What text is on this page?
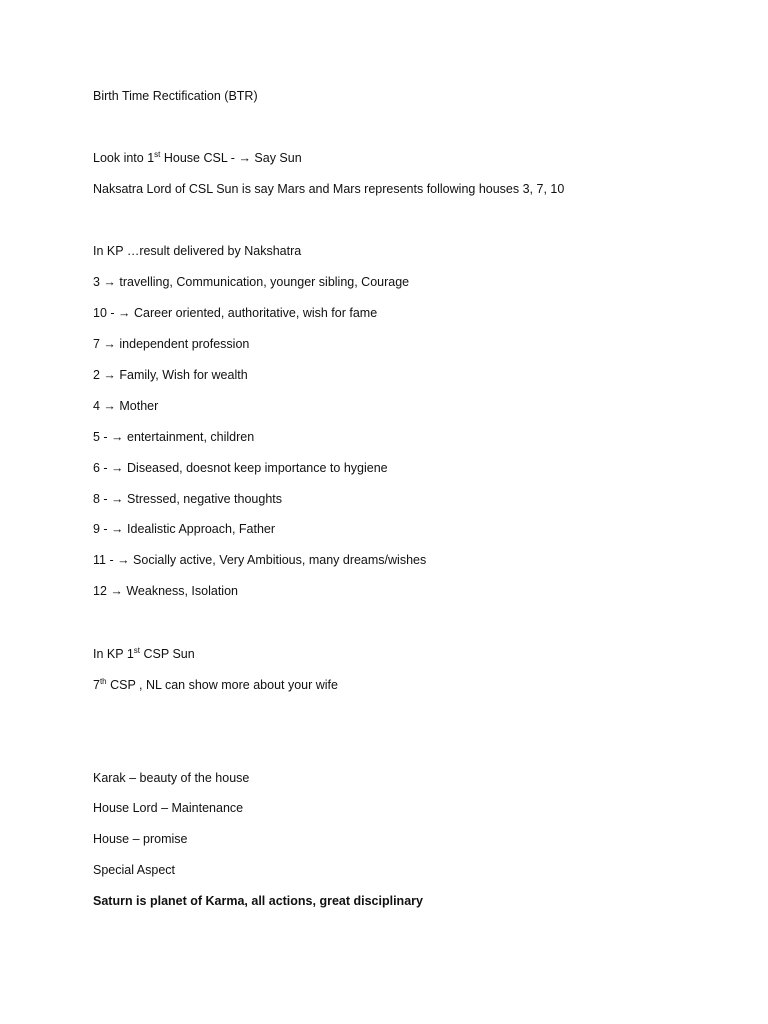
Birth Time Rectification (BTR)
Look into 1st House CSL - → Say Sun
Naksatra Lord of CSL Sun is say Mars and Mars represents following houses 3, 7, 10
In KP …result delivered by Nakshatra
3 → travelling, Communication, younger sibling, Courage
10 - → Career oriented, authoritative, wish for fame
7 → independent profession
2 → Family, Wish for wealth
4 → Mother
5 - → entertainment, children
6 - → Diseased, doesnot keep importance to hygiene
8 - → Stressed, negative thoughts
9 - → Idealistic Approach, Father
11 - → Socially active, Very Ambitious, many dreams/wishes
12 → Weakness, Isolation
In KP 1st CSP Sun
7th CSP , NL can show more about your wife
Karak – beauty of the house
House Lord – Maintenance
House – promise
Special Aspect
Saturn is planet of Karma, all actions, great disciplinary
